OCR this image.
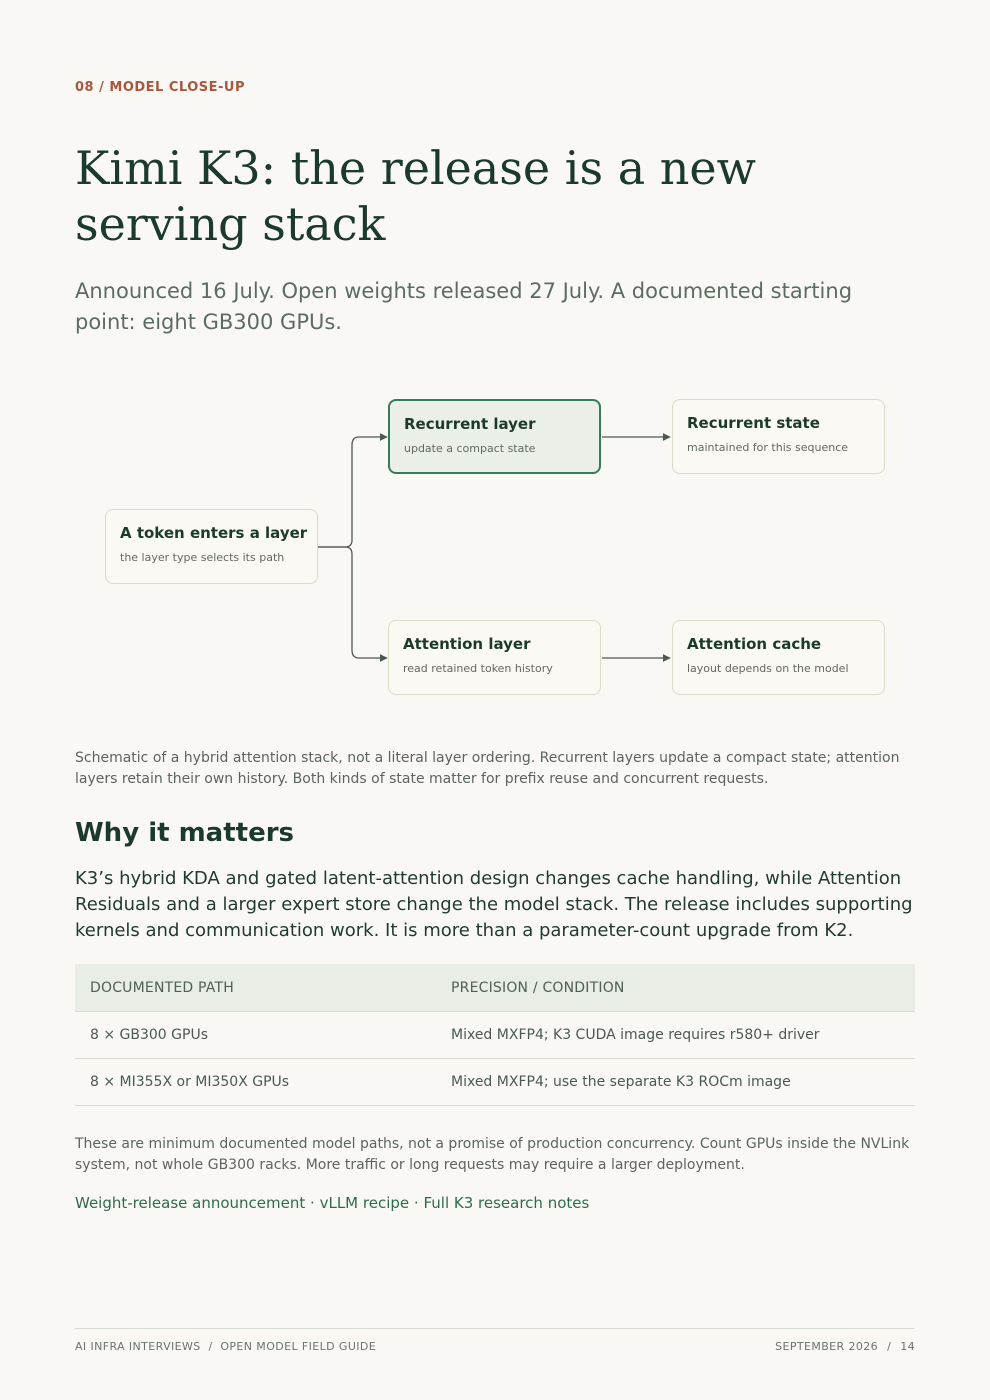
08 / MODEL CLOSE-UP
Kimi K3: the release is a new serving stack
Announced 16 July. Open weights released 27 July. A documented starting point: eight GB300 GPUs.
A token enters a layer
the layer type selects its path
Recurrent layer
update a compact state
Recurrent state
maintained for this sequence
Attention layer
read retained token history
Attention cache
layout depends on the model
Schematic of a hybrid attention stack, not a literal layer ordering. Recurrent layers update a compact state; attention layers retain their own history. Both kinds of state matter for prefix reuse and concurrent requests.
Why it matters
K3’s hybrid KDA and gated latent-attention design changes cache handling, while Attention Residuals and a larger expert store change the model stack. The release includes supporting kernels and communication work. It is more than a parameter-count upgrade from K2.
DOCUMENTED PATH	PRECISION / CONDITION
8 × GB300 GPUs	Mixed MXFP4; K3 CUDA image requires r580+ driver
8 × MI355X or MI350X GPUs	Mixed MXFP4; use the separate K3 ROCm image
These are minimum documented model paths, not a promise of production concurrency. Count GPUs inside the NVLink system, not whole GB300 racks. More traffic or long requests may require a larger deployment.
Weight-release announcement · vLLM recipe · Full K3 research notes
AI INFRA INTERVIEWS  /  OPEN MODEL FIELD GUIDE	SEPTEMBER 2026 / 14
